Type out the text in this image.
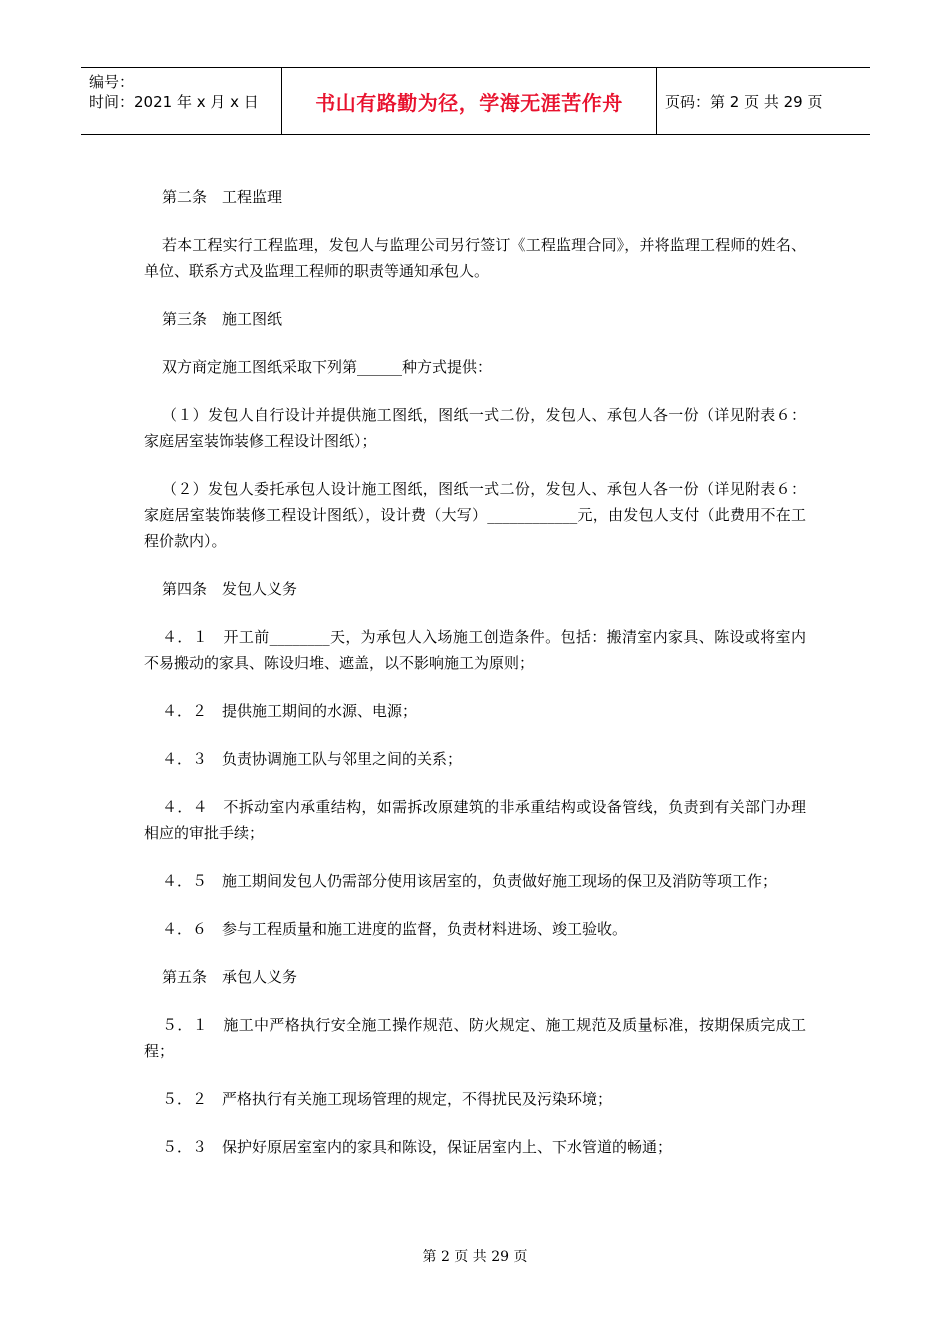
编号：
时间：2021 年 x 月 x 日	书山有路勤为径，学海无涯苦作舟	页码：第 2 页 共 29 页

第二条　工程监理

若本工程实行工程监理，发包人与监理公司另行签订《工程监理合同》，并将监理工程师的姓名、单位、联系方式及监理工程师的职责等通知承包人。

第三条　施工图纸

双方商定施工图纸采取下列第______种方式提供：

（１）发包人自行设计并提供施工图纸，图纸一式二份，发包人、承包人各一份（详见附表６：家庭居室装饰装修工程设计图纸）；

（２）发包人委托承包人设计施工图纸，图纸一式二份，发包人、承包人各一份（详见附表６：家庭居室装饰装修工程设计图纸），设计费（大写）____________元，由发包人支付（此费用不在工程价款内）。

第四条　发包人义务

４．１　开工前________天，为承包人入场施工创造条件。包括：搬清室内家具、陈设或将室内不易搬动的家具、陈设归堆、遮盖，以不影响施工为原则；

４．２　提供施工期间的水源、电源；

４．３　负责协调施工队与邻里之间的关系；

４．４　不拆动室内承重结构，如需拆改原建筑的非承重结构或设备管线，负责到有关部门办理相应的审批手续；

４．５　施工期间发包人仍需部分使用该居室的，负责做好施工现场的保卫及消防等项工作；

４．６　参与工程质量和施工进度的监督，负责材料进场、竣工验收。

第五条　承包人义务

５．１　施工中严格执行安全施工操作规范、防火规定、施工规范及质量标准，按期保质完成工程；

５．２　严格执行有关施工现场管理的规定，不得扰民及污染环境；

５．３　保护好原居室室内的家具和陈设，保证居室内上、下水管道的畅通；

第 2 页 共 29 页
